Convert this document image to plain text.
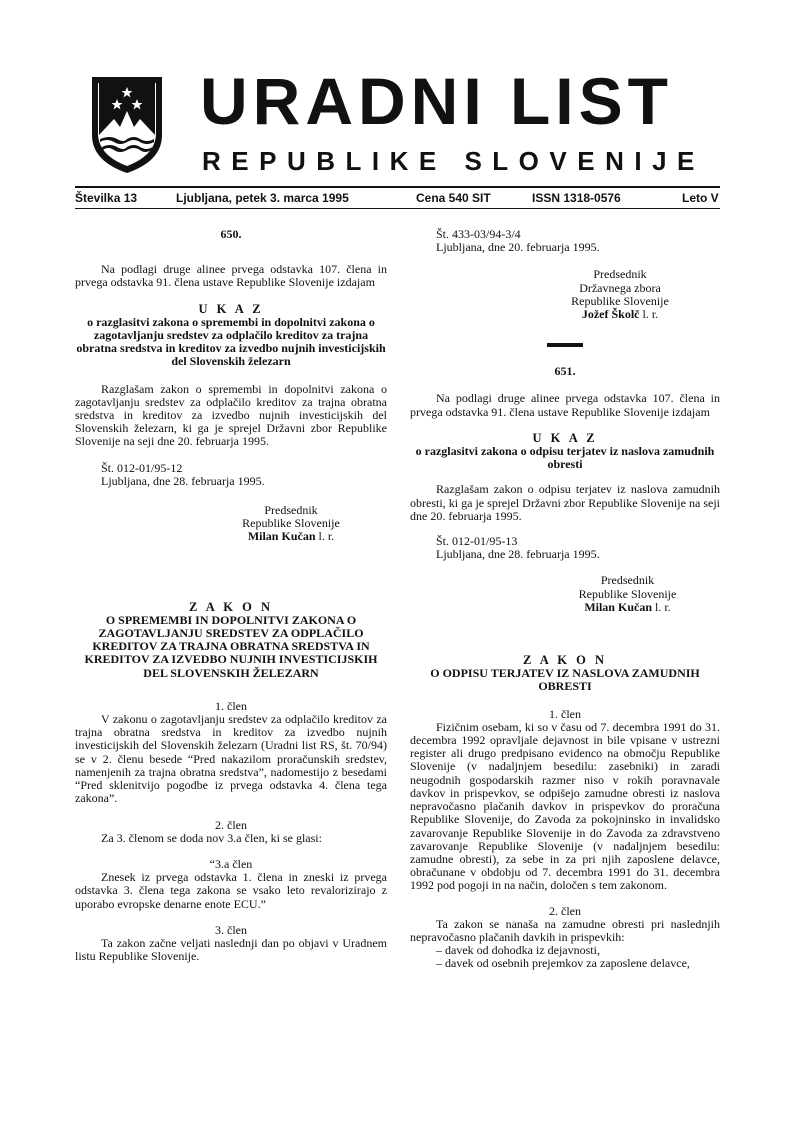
URADNI LIST
REPUBLIKE SLOVENIJE
Številka 13	Ljubljana, petek 3. marca 1995	Cena 540 SIT	ISSN 1318-0576	Leto V

650.

Na podlagi druge alinee prvega odstavka 107. člena in prvega odstavka 91. člena ustave Republike Slovenije izdajam

U K A Z

o razglasitvi zakona o spremembi in dopolnitvi zakona o zagotavljanju sredstev za odplačilo kreditov za trajna obratna sredstva in kreditov za izvedbo nujnih investicijskih del Slovenskih železarn

Razglašam zakon o spremembi in dopolnitvi zakona o zagotavljanju sredstev za odplačilo kreditov za trajna obratna sredstva in kreditov za izvedbo nujnih investicijskih del Slovenskih železarn, ki ga je sprejel Državni zbor Republike Slovenije na seji dne 20. februarja 1995.

Št. 012-01/95-12

Ljubljana, dne 28. februarja 1995.

Predsednik

Republike Slovenije

Milan Kučan l. r.

Z A K O N

O SPREMEMBI IN DOPOLNITVI ZAKONA O ZAGOTAVLJANJU SREDSTEV ZA ODPLAČILO KREDITOV ZA TRAJNA OBRATNA SREDSTVA IN KREDITOV ZA IZVEDBO NUJNIH INVESTICIJSKIH DEL SLOVENSKIH ŽELEZARN

1. člen

V zakonu o zagotavljanju sredstev za odplačilo kreditov za trajna obratna sredstva in kreditov za izvedbo nujnih investicijskih del Slovenskih železarn (Uradni list RS, št. 70/94) se v 2. členu besede “Pred nakazilom proračunskih sredstev, namenjenih za trajna obratna sredstva”, nadomestijo z besedami “Pred sklenitvijo pogodbe iz prvega odstavka 4. člena tega zakona”.

2. člen

Za 3. členom se doda nov 3.a člen, ki se glasi:

“3.a člen

Znesek iz prvega odstavka 1. člena in zneski iz prvega odstavka 3. člena tega zakona se vsako leto revalorizirajo z uporabo evropske denarne enote ECU.”

3. člen

Ta zakon začne veljati naslednji dan po objavi v Uradnem listu Republike Slovenije.

Št. 433-03/94-3/4

Ljubljana, dne 20. februarja 1995.

Predsednik

Državnega zbora

Republike Slovenije

Jožef Školč l. r.

651.

Na podlagi druge alinee prvega odstavka 107. člena in prvega odstavka 91. člena ustave Republike Slovenije izdajam

U K A Z

o razglasitvi zakona o odpisu terjatev iz naslova zamudnih obresti

Razglašam zakon o odpisu terjatev iz naslova zamudnih obresti, ki ga je sprejel Državni zbor Republike Slovenije na seji dne 20. februarja 1995.

Št. 012-01/95-13

Ljubljana, dne 28. februarja 1995.

Predsednik

Republike Slovenije

Milan Kučan l. r.

Z A K O N

O ODPISU TERJATEV IZ NASLOVA ZAMUDNIH OBRESTI

1. člen

Fizičnim osebam, ki so v času od 7. decembra 1991 do 31. decembra 1992 opravljale dejavnost in bile vpisane v ustrezni register ali drugo predpisano evidenco na območju Republike Slovenije (v nadaljnjem besedilu: zasebniki) in zaradi neugodnih gospodarskih razmer niso v rokih poravnavale davkov in prispevkov, se odpišejo zamudne obresti iz naslova nepravočasno plačanih davkov in prispevkov do proračuna Republike Slovenije, do Zavoda za pokojninsko in invalidsko zavarovanje Republike Slovenije in do Zavoda za zdravstveno zavarovanje Republike Slovenije (v nadaljnjem besedilu: zamudne obresti), za sebe in za pri njih zaposlene delavce, obračunane v obdobju od 7. decembra 1991 do 31. decembra 1992 pod pogoji in na način, določen s tem zakonom.

2. člen

Ta zakon se nanaša na zamudne obresti pri naslednjih nepravočasno plačanih davkih in prispevkih:

– davek od dohodka iz dejavnosti,

– davek od osebnih prejemkov za zaposlene delavce,
